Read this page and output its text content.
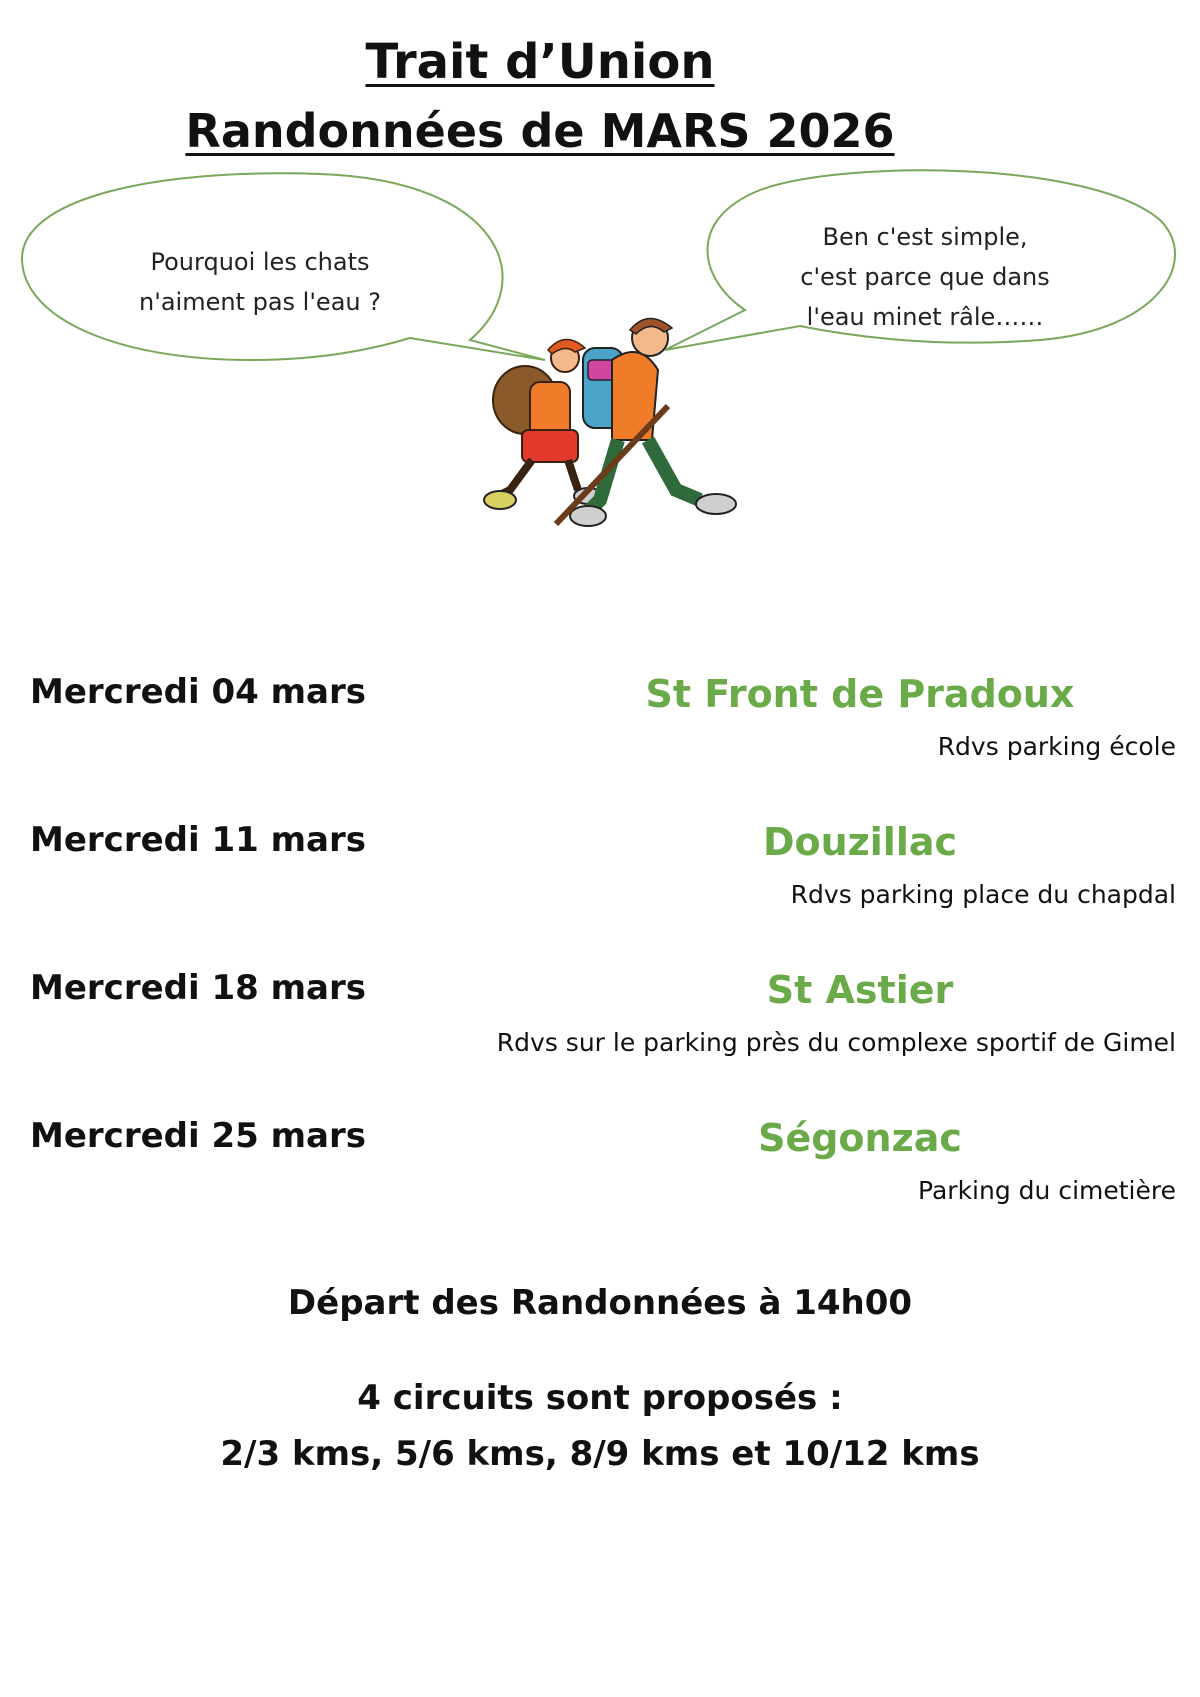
Trait d’Union
Randonnées de MARS 2026
Pourquoi les chats
n'aiment pas l'eau ?
Ben c'est simple,
c'est parce que dans
l'eau minet râle……
Mercredi 04 mars	St Front de Pradoux
Rdvs parking école
Mercredi 11 mars	Douzillac
Rdvs parking place du chapdal
Mercredi 18 mars	St Astier
Rdvs sur le parking près du complexe sportif de Gimel
Mercredi 25 mars	Ségonzac
Parking du cimetière
Départ des Randonnées à 14h00
4 circuits sont proposés :
2/3 kms, 5/6 kms, 8/9 kms et 10/12 kms
